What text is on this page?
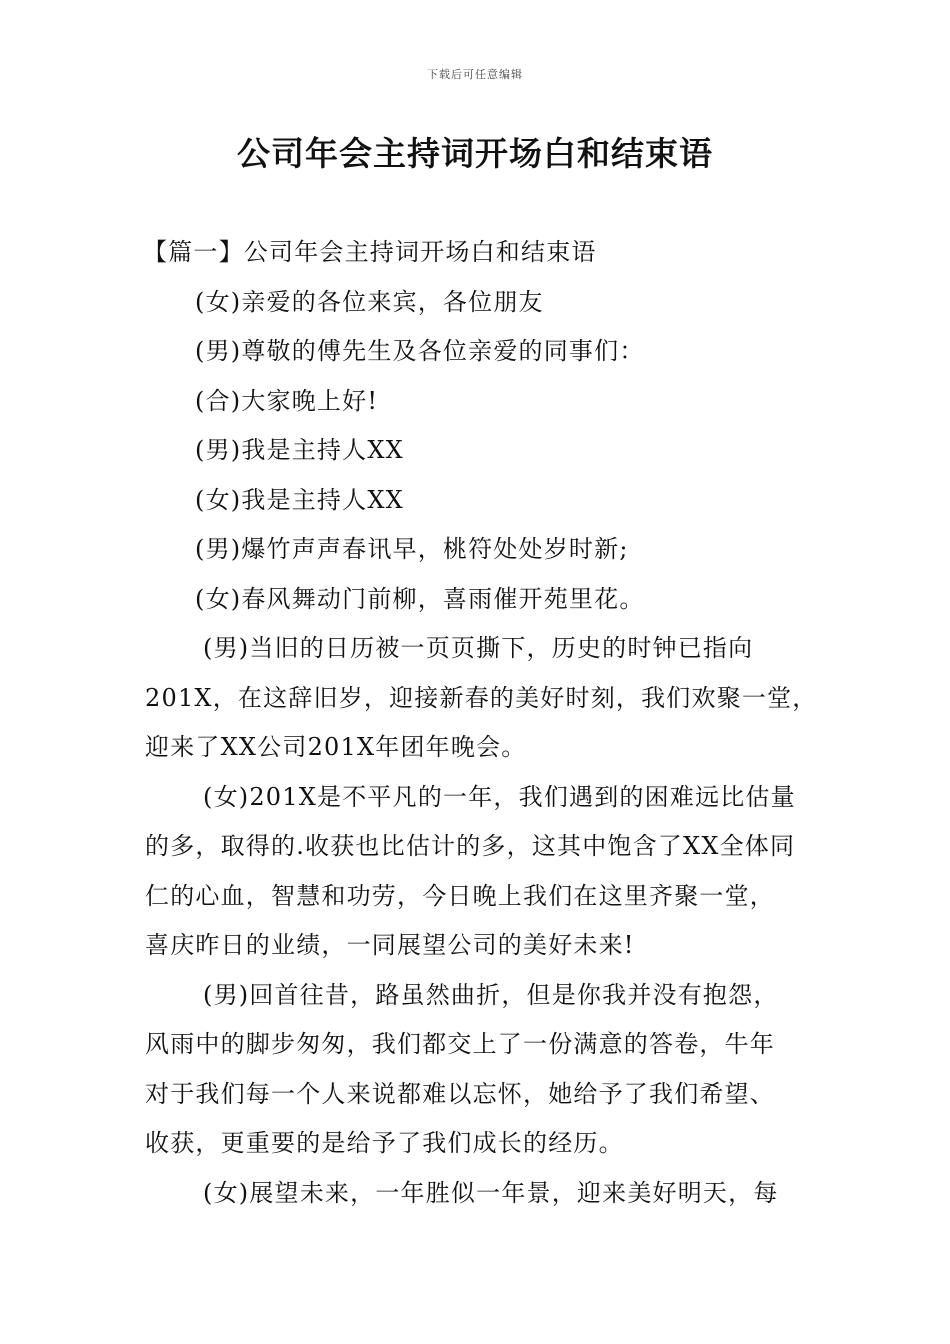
下载后可任意编辑
公司年会主持词开场白和结束语

【篇一】公司年会主持词开场白和结束语

(女)亲爱的各位来宾，各位朋友

(男)尊敬的傅先生及各位亲爱的同事们：

(合)大家晚上好!

(男)我是主持人XX

(女)我是主持人XX

(男)爆竹声声春讯早，桃符处处岁时新;

(女)春风舞动门前柳，喜雨催开苑里花。

(男)当旧的日历被一页页撕下，历史的时钟已指向

201X，在这辞旧岁，迎接新春的美好时刻，我们欢聚一堂，

迎来了XX公司201X年团年晚会。

(女)201X是不平凡的一年，我们遇到的困难远比估量

的多，取得的.收获也比估计的多，这其中饱含了XX全体同

仁的心血，智慧和功劳，今日晚上我们在这里齐聚一堂，

喜庆昨日的业绩，一同展望公司的美好未来!

(男)回首往昔，路虽然曲折，但是你我并没有抱怨，

风雨中的脚步匆匆，我们都交上了一份满意的答卷，牛年

对于我们每一个人来说都难以忘怀，她给予了我们希望、

收获，更重要的是给予了我们成长的经历。

(女)展望未来，一年胜似一年景，迎来美好明天，每
